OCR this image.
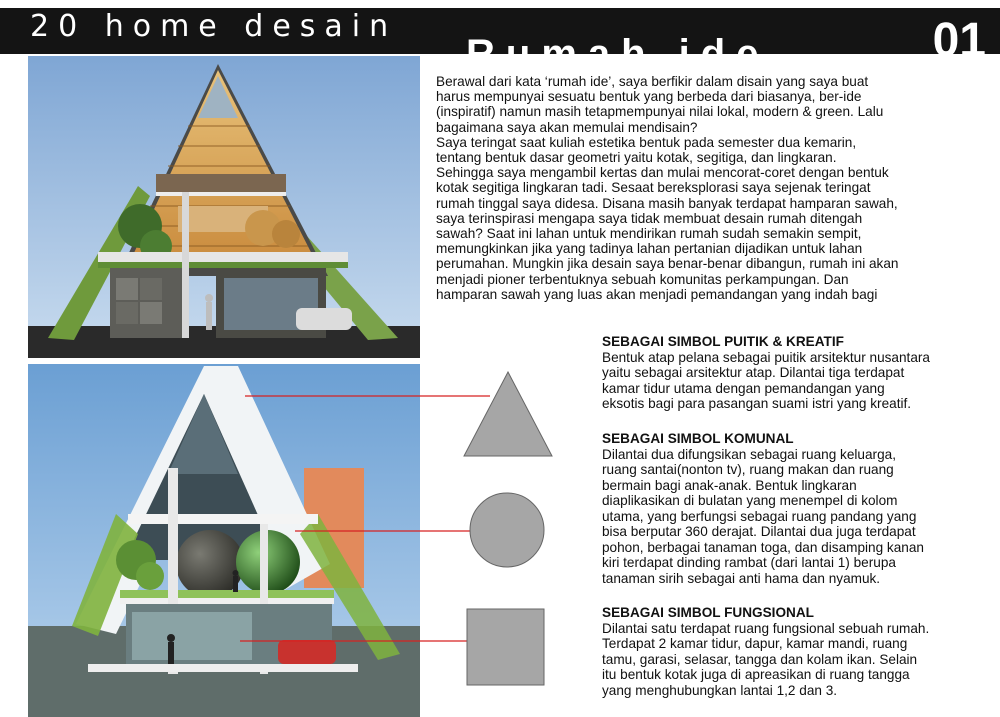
20 home desain
Rumah ide	01
Berawal dari kata ‘rumah ide’, saya berfikir dalam disain yang saya buat
harus mempunyai sesuatu bentuk yang berbeda dari biasanya, ber-ide
(inspiratif) namun masih tetapmempunyai nilai lokal, modern & green. Lalu
bagaimana saya akan memulai mendisain?
Saya teringat saat kuliah estetika bentuk pada semester dua kemarin,
tentang bentuk dasar geometri yaitu kotak, segitiga, dan lingkaran.
Sehingga saya mengambil kertas dan mulai mencorat-coret dengan bentuk
kotak segitiga lingkaran tadi. Sesaat bereksplorasi saya sejenak teringat
rumah tinggal saya didesa. Disana masih banyak terdapat hamparan sawah,
saya terinspirasi mengapa saya tidak membuat desain rumah ditengah
sawah? Saat ini lahan untuk mendirikan rumah sudah semakin sempit,
memungkinkan jika yang tadinya lahan pertanian dijadikan untuk lahan
perumahan. Mungkin jika desain saya benar-benar dibangun, rumah ini akan
menjadi pioner terbentuknya sebuah komunitas perkampungan. Dan
hamparan sawah yang luas akan menjadi pemandangan yang indah bagi
SEBAGAI SIMBOL PUITIK & KREATIF
Bentuk atap pelana sebagai puitik arsitektur nusantara
yaitu sebagai arsitektur atap. Dilantai tiga terdapat
kamar tidur utama dengan pemandangan yang
eksotis bagi para pasangan suami istri yang kreatif.
SEBAGAI SIMBOL KOMUNAL
Dilantai dua difungsikan sebagai ruang keluarga,
ruang santai(nonton tv), ruang makan dan ruang
bermain bagi anak-anak. Bentuk lingkaran
diaplikasikan di bulatan yang menempel di kolom
utama, yang berfungsi sebagai ruang pandang yang
bisa berputar 360 derajat. Dilantai dua juga terdapat
pohon, berbagai tanaman toga, dan disamping kanan
kiri terdapat dinding rambat (dari lantai 1) berupa
tanaman sirih sebagai anti hama dan nyamuk.
SEBAGAI SIMBOL FUNGSIONAL
Dilantai satu terdapat ruang fungsional sebuah rumah.
Terdapat 2 kamar tidur, dapur, kamar mandi, ruang
tamu, garasi, selasar, tangga dan kolam ikan. Selain
itu bentuk kotak juga di apreasikan di ruang tangga
yang menghubungkan lantai 1,2 dan 3.
